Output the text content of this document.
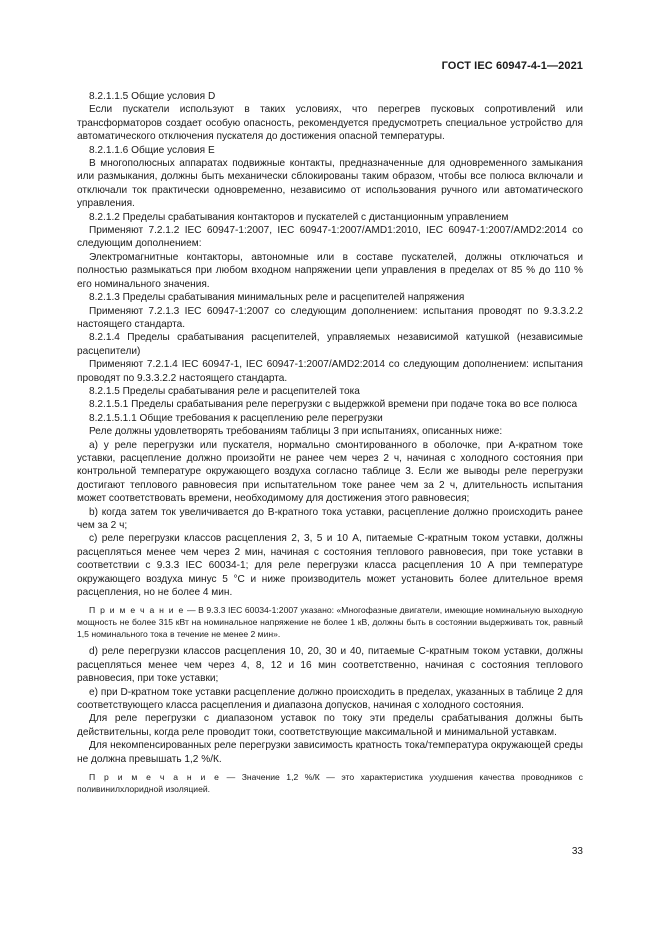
ГОСТ IEC 60947-4-1—2021

8.2.1.1.5 Общие условия D

Если пускатели используют в таких условиях, что перегрев пусковых сопротивлений или трансформаторов создает особую опасность, рекомендуется предусмотреть специальное устройство для автоматического отключения пускателя до достижения опасной температуры.

8.2.1.1.6 Общие условия E

В многополюсных аппаратах подвижные контакты, предназначенные для одновременного замыкания или размыкания, должны быть механически сблокированы таким образом, чтобы все полюса включали и отключали ток практически одновременно, независимо от использования ручного или автоматического управления.

8.2.1.2 Пределы срабатывания контакторов и пускателей с дистанционным управлением

Применяют 7.2.1.2 IEC 60947-1:2007, IEC 60947-1:2007/AMD1:2010, IEC 60947-1:2007/AMD2:2014 со следующим дополнением:

Электромагнитные контакторы, автономные или в составе пускателей, должны отключаться и полностью размыкаться при любом входном напряжении цепи управления в пределах от 85 % до 110 % его номинального значения.

8.2.1.3 Пределы срабатывания минимальных реле и расцепителей напряжения

Применяют 7.2.1.3 IEC 60947-1:2007 со следующим дополнением: испытания проводят по 9.3.3.2.2 настоящего стандарта.

8.2.1.4 Пределы срабатывания расцепителей, управляемых независимой катушкой (независимые расцепители)

Применяют 7.2.1.4 IEC 60947-1, IEC 60947-1:2007/AMD2:2014 со следующим дополнением: испытания проводят по 9.3.3.2.2 настоящего стандарта.

8.2.1.5 Пределы срабатывания реле и расцепителей тока

8.2.1.5.1 Пределы срабатывания реле перегрузки с выдержкой времени при подаче тока во все полюса

8.2.1.5.1.1 Общие требования к расцеплению реле перегрузки

Реле должны удовлетворять требованиям таблицы 3 при испытаниях, описанных ниже:

a) у реле перегрузки или пускателя, нормально смонтированного в оболочке, при A-кратном токе уставки, расцепление должно произойти не ранее чем через 2 ч, начиная с холодного состояния при контрольной температуре окружающего воздуха согласно таблице 3. Если же выводы реле перегрузки достигают теплового равновесия при испытательном токе ранее чем за 2 ч, длительность испытания может соответствовать времени, необходимому для достижения этого равновесия;

b) когда затем ток увеличивается до B-кратного тока уставки, расцепление должно происходить ранее чем за 2 ч;

c) реле перегрузки классов расцепления 2, 3, 5 и 10 A, питаемые C-кратным током уставки, должны расцепляться менее чем через 2 мин, начиная с состояния теплового равновесия, при токе уставки в соответствии с 9.3.3 IEC 60034-1; для реле перегрузки класса расцепления 10 A при температуре окружающего воздуха минус 5 °С и ниже производитель может установить более длительное время расцепления, но не более 4 мин.

П р и м е ч а н и е — В 9.3.3 IEC 60034-1:2007 указано: «Многофазные двигатели, имеющие номинальную выходную мощность не более 315 кВт на номинальное напряжение не более 1 кВ, должны быть в состоянии выдерживать ток, равный 1,5 номинального тока в течение не менее 2 мин».

d) реле перегрузки классов расцепления 10, 20, 30 и 40, питаемые C-кратным током уставки, должны расцепляться менее чем через 4, 8, 12 и 16 мин соответственно, начиная с состояния теплового равновесия, при токе уставки;

e) при D-кратном токе уставки расцепление должно происходить в пределах, указанных в таблице 2 для соответствующего класса расцепления и диапазона допусков, начиная с холодного состояния.

Для реле перегрузки с диапазоном уставок по току эти пределы срабатывания должны быть действительны, когда реле проводит токи, соответствующие максимальной и минимальной уставкам.

Для некомпенсированных реле перегрузки зависимость кратность тока/температура окружающей среды не должна превышать 1,2 %/К.

П р и м е ч а н и е — Значение 1,2 %/К — это характеристика ухудшения качества проводников с поливинилхлоридной изоляцией.

33
